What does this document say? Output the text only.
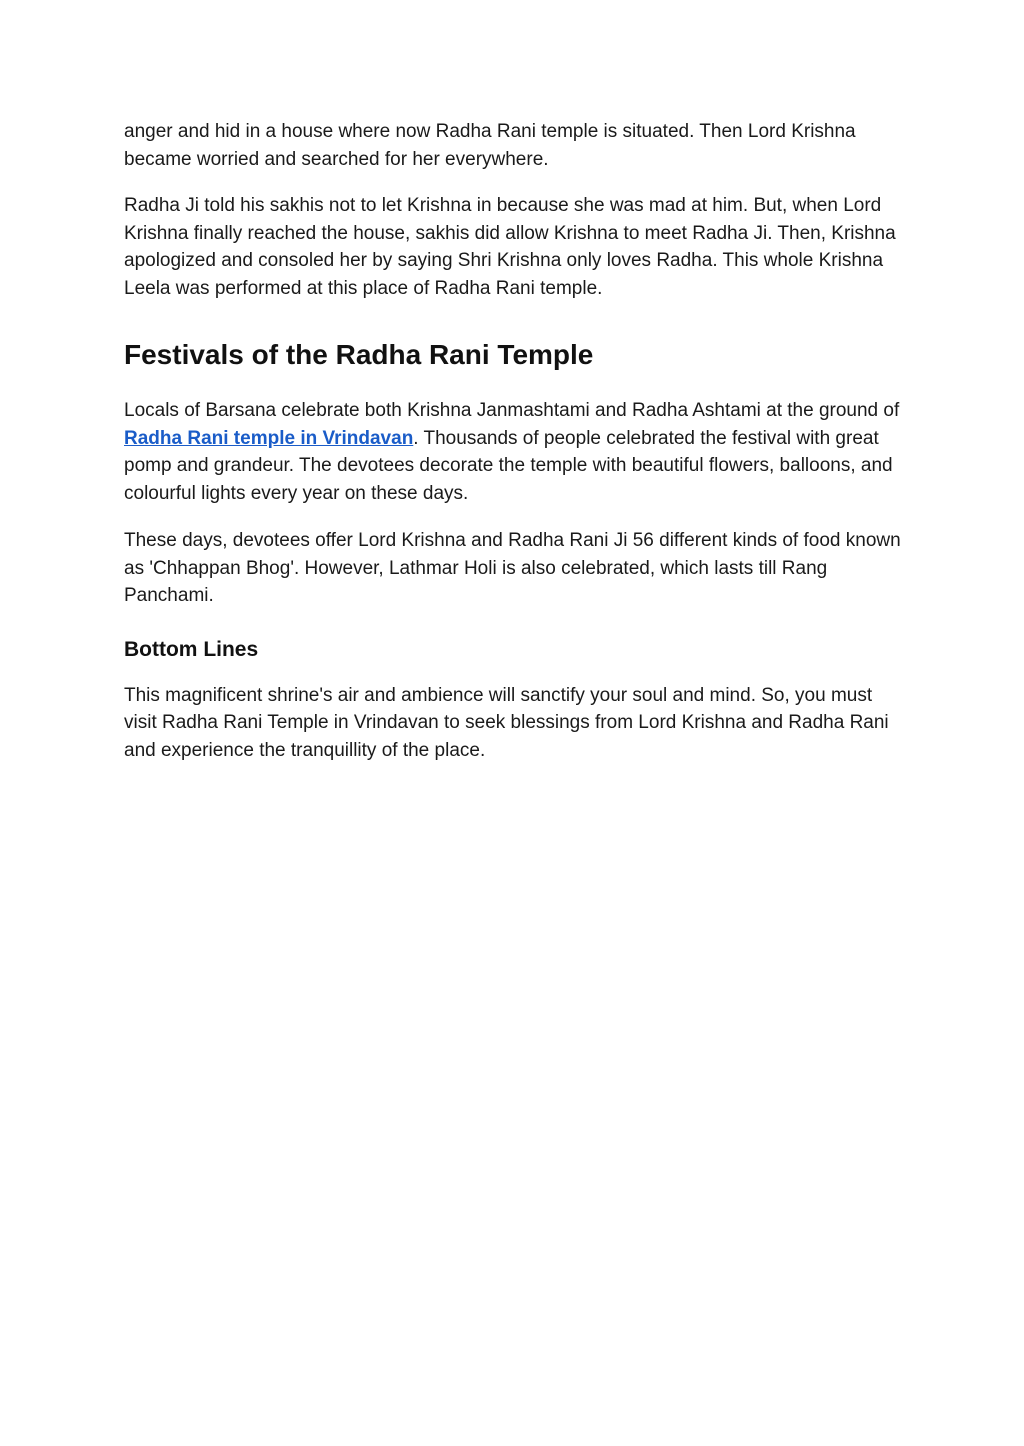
anger and hid in a house where now Radha Rani temple is situated. Then Lord Krishna became worried and searched for her everywhere.

Radha Ji told his sakhis not to let Krishna in because she was mad at him. But, when Lord Krishna finally reached the house, sakhis did allow Krishna to meet Radha Ji. Then, Krishna apologized and consoled her by saying Shri Krishna only loves Radha. This whole Krishna Leela was performed at this place of Radha Rani temple.

Festivals of the Radha Rani Temple

Locals of Barsana celebrate both Krishna Janmashtami and Radha Ashtami at the ground of Radha Rani temple in Vrindavan. Thousands of people celebrated the festival with great pomp and grandeur. The devotees decorate the temple with beautiful flowers, balloons, and colourful lights every year on these days.

These days, devotees offer Lord Krishna and Radha Rani Ji 56 different kinds of food known as 'Chhappan Bhog'. However, Lathmar Holi is also celebrated, which lasts till Rang Panchami.

Bottom Lines

This magnificent shrine's air and ambience will sanctify your soul and mind. So, you must visit Radha Rani Temple in Vrindavan to seek blessings from Lord Krishna and Radha Rani and experience the tranquillity of the place.
